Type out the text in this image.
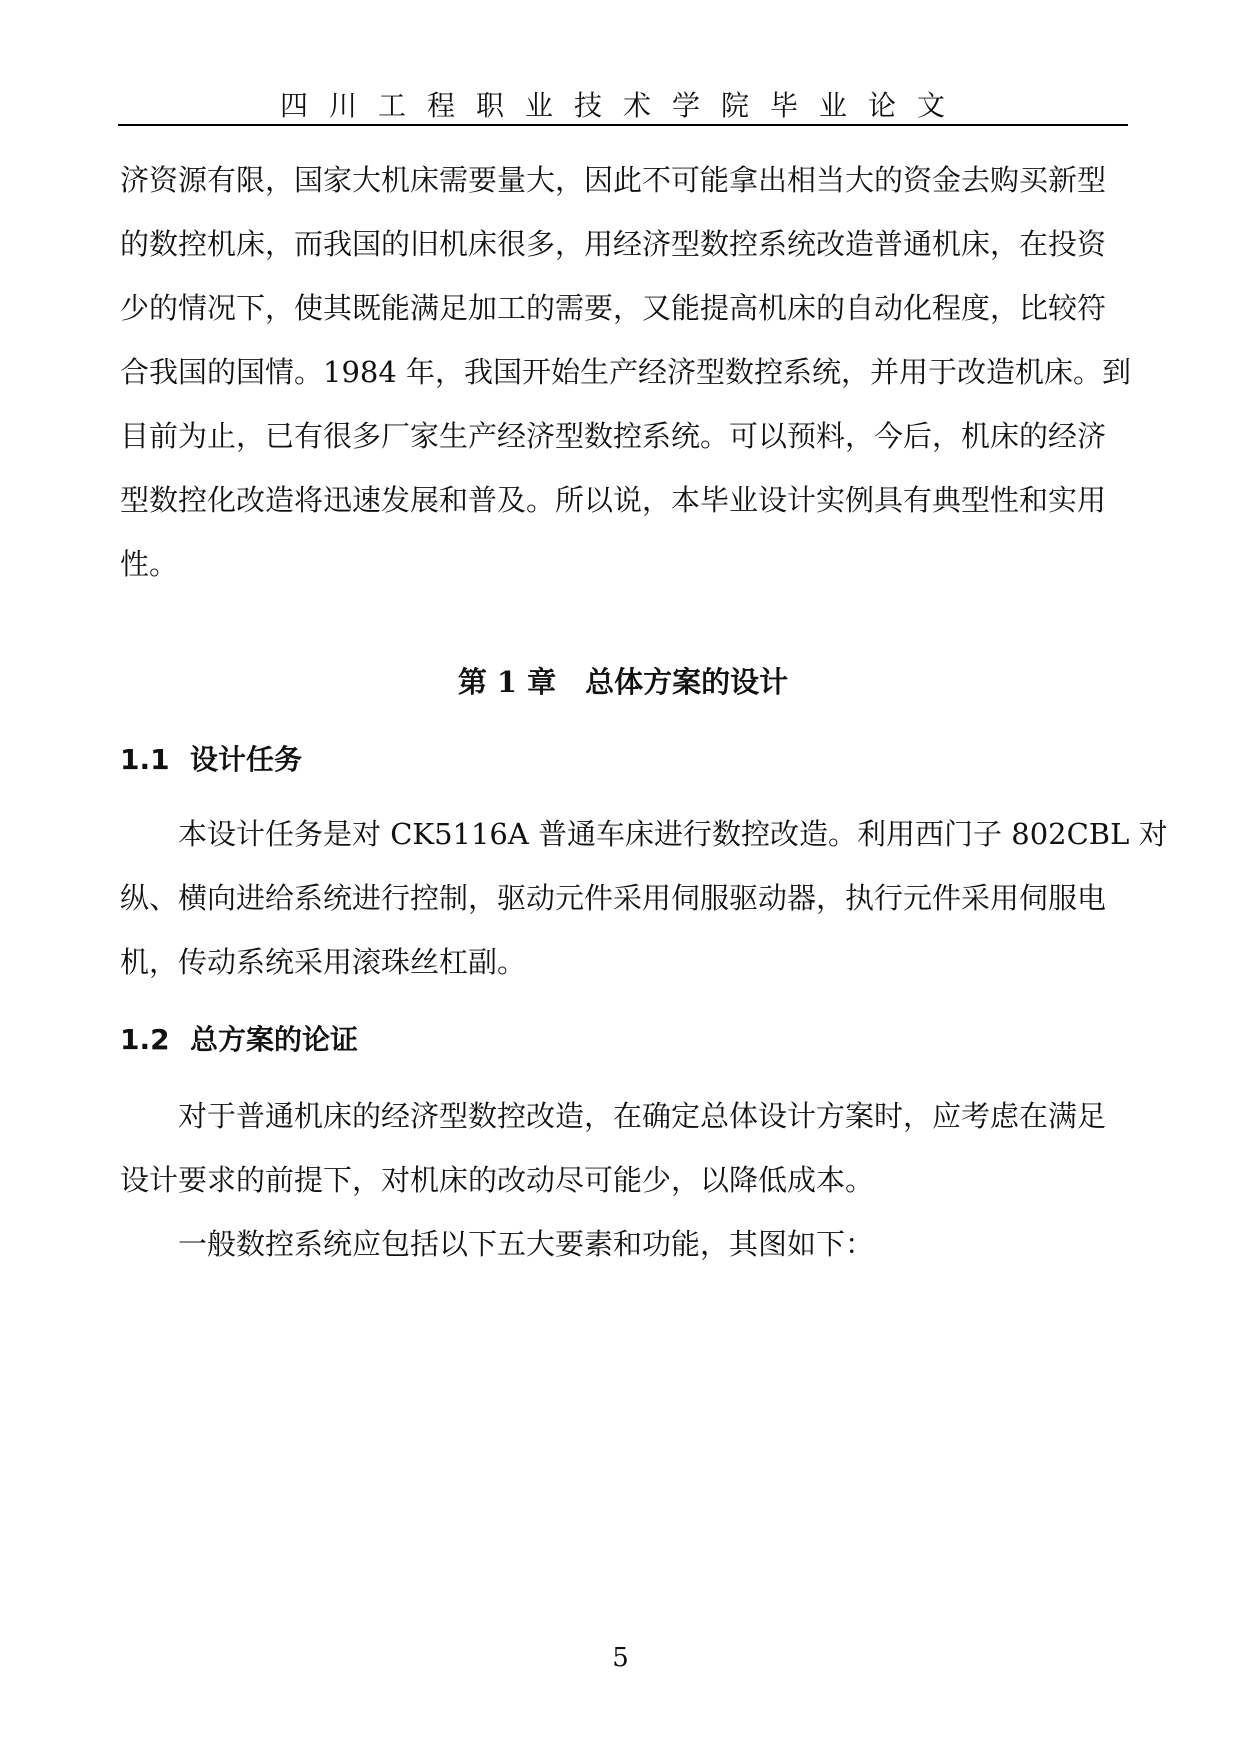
四川工程职业技术学院毕业论文
济资源有限，国家大机床需要量大，因此不可能拿出相当大的资金去购买新型
的数控机床，而我国的旧机床很多，用经济型数控系统改造普通机床，在投资
少的情况下，使其既能满足加工的需要，又能提高机床的自动化程度，比较符
合我国的国情。1984 年，我国开始生产经济型数控系统，并用于改造机床。到
目前为止，已有很多厂家生产经济型数控系统。可以预料，今后，机床的经济
型数控化改造将迅速发展和普及。所以说，本毕业设计实例具有典型性和实用
性。
第 1 章　总体方案的设计
1.1 设计任务
本设计任务是对 CK5116A 普通车床进行数控改造。利用西门子 802CBL 对
纵、横向进给系统进行控制，驱动元件采用伺服驱动器，执行元件采用伺服电
机，传动系统采用滚珠丝杠副。
1.2 总方案的论证
对于普通机床的经济型数控改造，在确定总体设计方案时，应考虑在满足
设计要求的前提下，对机床的改动尽可能少，以降低成本。
一般数控系统应包括以下五大要素和功能，其图如下：
5
